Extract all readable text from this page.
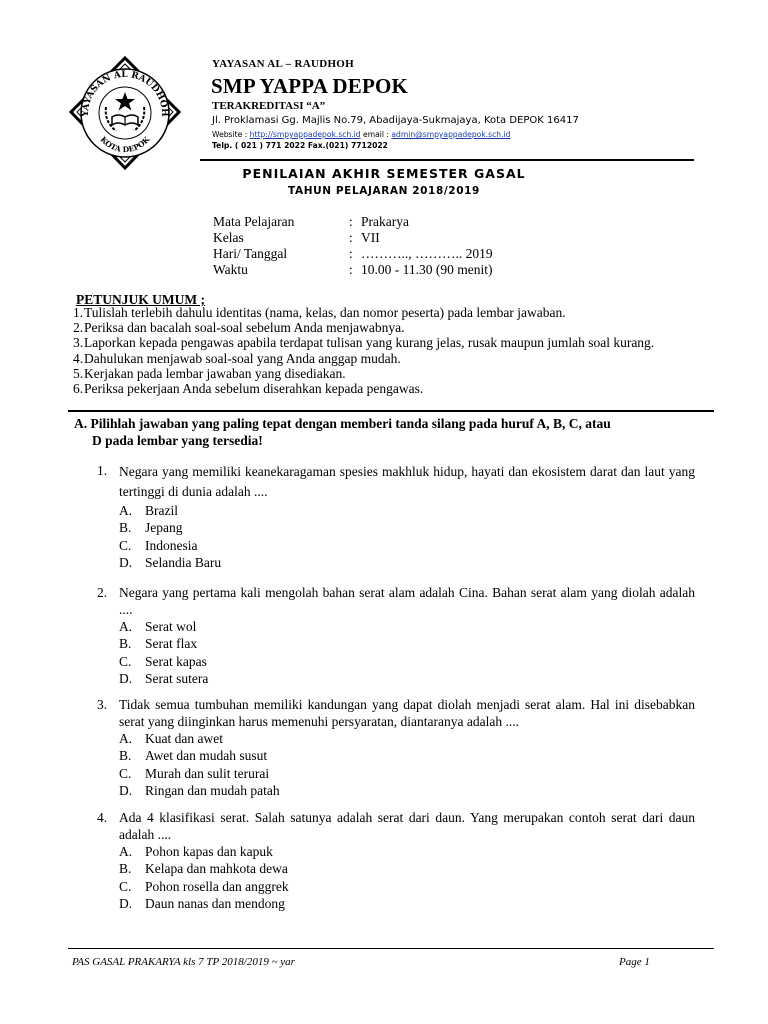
YAYASAN AL RAUDHOH
KOTA DEPOK
YAYASAN AL – RAUDHOH
SMP YAPPA DEPOK
TERAKREDITASI “A”
Jl. Proklamasi Gg. Majlis No.79, Abadijaya-Sukmajaya, Kota DEPOK 16417
Website : http://smpyappadepok.sch.id email : admin@smpyappadepok.sch.id
Telp. ( 021 ) 771 2022 Fax.(021) 7712022
PENILAIAN AKHIR SEMESTER GASAL
TAHUN PELAJARAN 2018/2019
Mata Pelajaran	: Prakarya
Kelas	: VII
Hari/ Tanggal	: ……….., ……….. 2019
Waktu	: 10.00 - 11.30 (90 menit)
PETUNJUK UMUM ;
1. Tulislah terlebih dahulu identitas (nama, kelas, dan nomor peserta) pada lembar jawaban.
2. Periksa dan bacalah soal-soal sebelum Anda menjawabnya.
3. Laporkan kepada pengawas apabila terdapat tulisan yang kurang jelas, rusak maupun jumlah soal kurang.
4. Dahulukan menjawab soal-soal yang Anda anggap mudah.
5. Kerjakan pada lembar jawaban yang disediakan.
6. Periksa pekerjaan Anda sebelum diserahkan kepada pengawas.
A. Pilihlah jawaban yang paling tepat dengan memberi tanda silang pada huruf A, B, C, atau
D pada lembar yang tersedia!
1. Negara yang memiliki keanekaragaman spesies makhluk hidup, hayati dan ekosistem darat dan laut yang tertinggi di dunia adalah ....
A. Brazil
B.	Jepang
C.	Indonesia
D. Selandia Baru
2. Negara yang pertama kali mengolah bahan serat alam adalah Cina. Bahan serat alam yang diolah adalah ....
A. Serat wol
B.	Serat flax
C.	Serat kapas
D. Serat sutera
3. Tidak semua tumbuhan memiliki kandungan yang dapat diolah menjadi serat alam. Hal ini disebabkan serat yang diinginkan harus memenuhi persyaratan, diantaranya adalah ....
A. Kuat dan awet
B.	Awet dan mudah susut
C.	Murah dan sulit terurai
D. Ringan dan mudah patah
4. Ada 4 klasifikasi serat. Salah satunya adalah serat dari daun. Yang merupakan contoh serat dari daun adalah ....
A. Pohon kapas dan kapuk
B.	Kelapa dan mahkota dewa
C.	Pohon rosella dan anggrek
D. Daun nanas dan mendong
PAS GASAL PRAKARYA kls 7 TP 2018/2019 ~ yar	Page 1
